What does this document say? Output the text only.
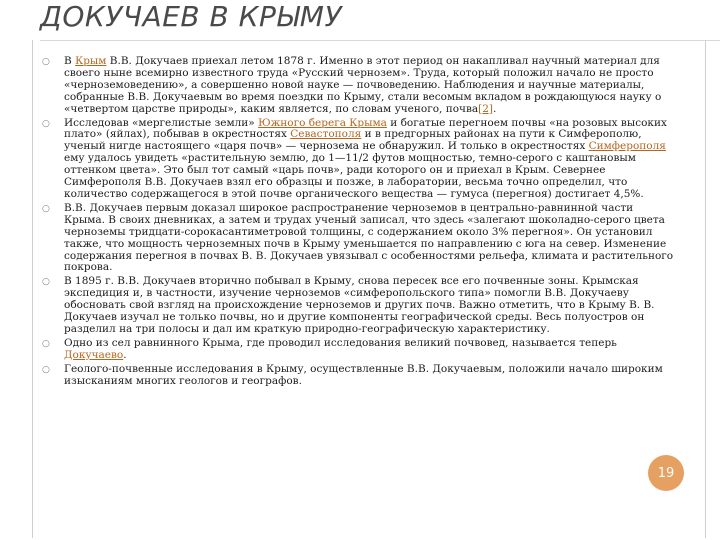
ДОКУЧАЕВ В КРЫМУ
○ В Крым В.В. Докучаев приехал летом 1878 г. Именно в этот период он накапливал научный материал для своего ныне всемирно известного труда «Русский чернозем». Труда, который положил начало не просто «черноземоведению», а совершенно новой науке — почвоведению. Наблюдения и научные материалы, собранные В.В. Докучаевым во время поездки по Крыму, стали весомым вкладом в рождающуюся науку о «четвертом царстве природы», каким является, по словам ученого, почва[2].
○ Исследовав «мергелистые земли» Южного берега Крыма и богатые перегноем почвы «на розовых высоких плато» (яйлах), побывав в окрестностях Севастополя и в предгорных районах на пути к Симферополю, ученый нигде настоящего «царя почв» — чернозема не обнаружил. И только в окрестностях Симферополя ему удалось увидеть «растительную землю, до 1—11/2 футов мощностью, темно-серого с каштановым оттенком цвета». Это был тот самый «царь почв», ради которого он и приехал в Крым. Севернее Симферополя В.В. Докучаев взял его образцы и позже, в лаборатории, весьма точно определил, что количество содержащегося в этой почве органического вещества — гумуса (перегноя) достигает 4,5%.
○ В.В. Докучаев первым доказал широкое распространение черноземов в центрально-равнинной части Крыма. В своих дневниках, а затем и трудах ученый записал, что здесь «залегают шоколадно-серого цвета черноземы тридцати-сорокасантиметровой толщины, с содержанием около 3% перегноя». Он установил также, что мощность черноземных почв в Крыму уменьшается по направлению с юга на север. Изменение содержания перегноя в почвах В. В. Докучаев увязывал с особенностями рельефа, климата и растительного покрова.
○ В 1895 г. В.В. Докучаев вторично побывал в Крыму, снова пересек все его почвенные зоны. Крымская экспедиция и, в частности, изучение черноземов «симферопольского типа» помогли В.В. Докучаеву обосновать свой взгляд на происхождение черноземов и других почв. Важно отметить, что в Крыму В. В. Докучаев изучал не только почвы, но и другие компоненты географической среды. Весь полуостров он разделил на три полосы и дал им краткую природно-географическую характеристику.
○ Одно из сел равнинного Крыма, где проводил исследования великий почвовед, называется теперь Докучаево.
○ Геолого-почвенные исследования в Крыму, осуществленные В.В. Докучаевым, положили начало широким изысканиям многих геологов и географов.
19
